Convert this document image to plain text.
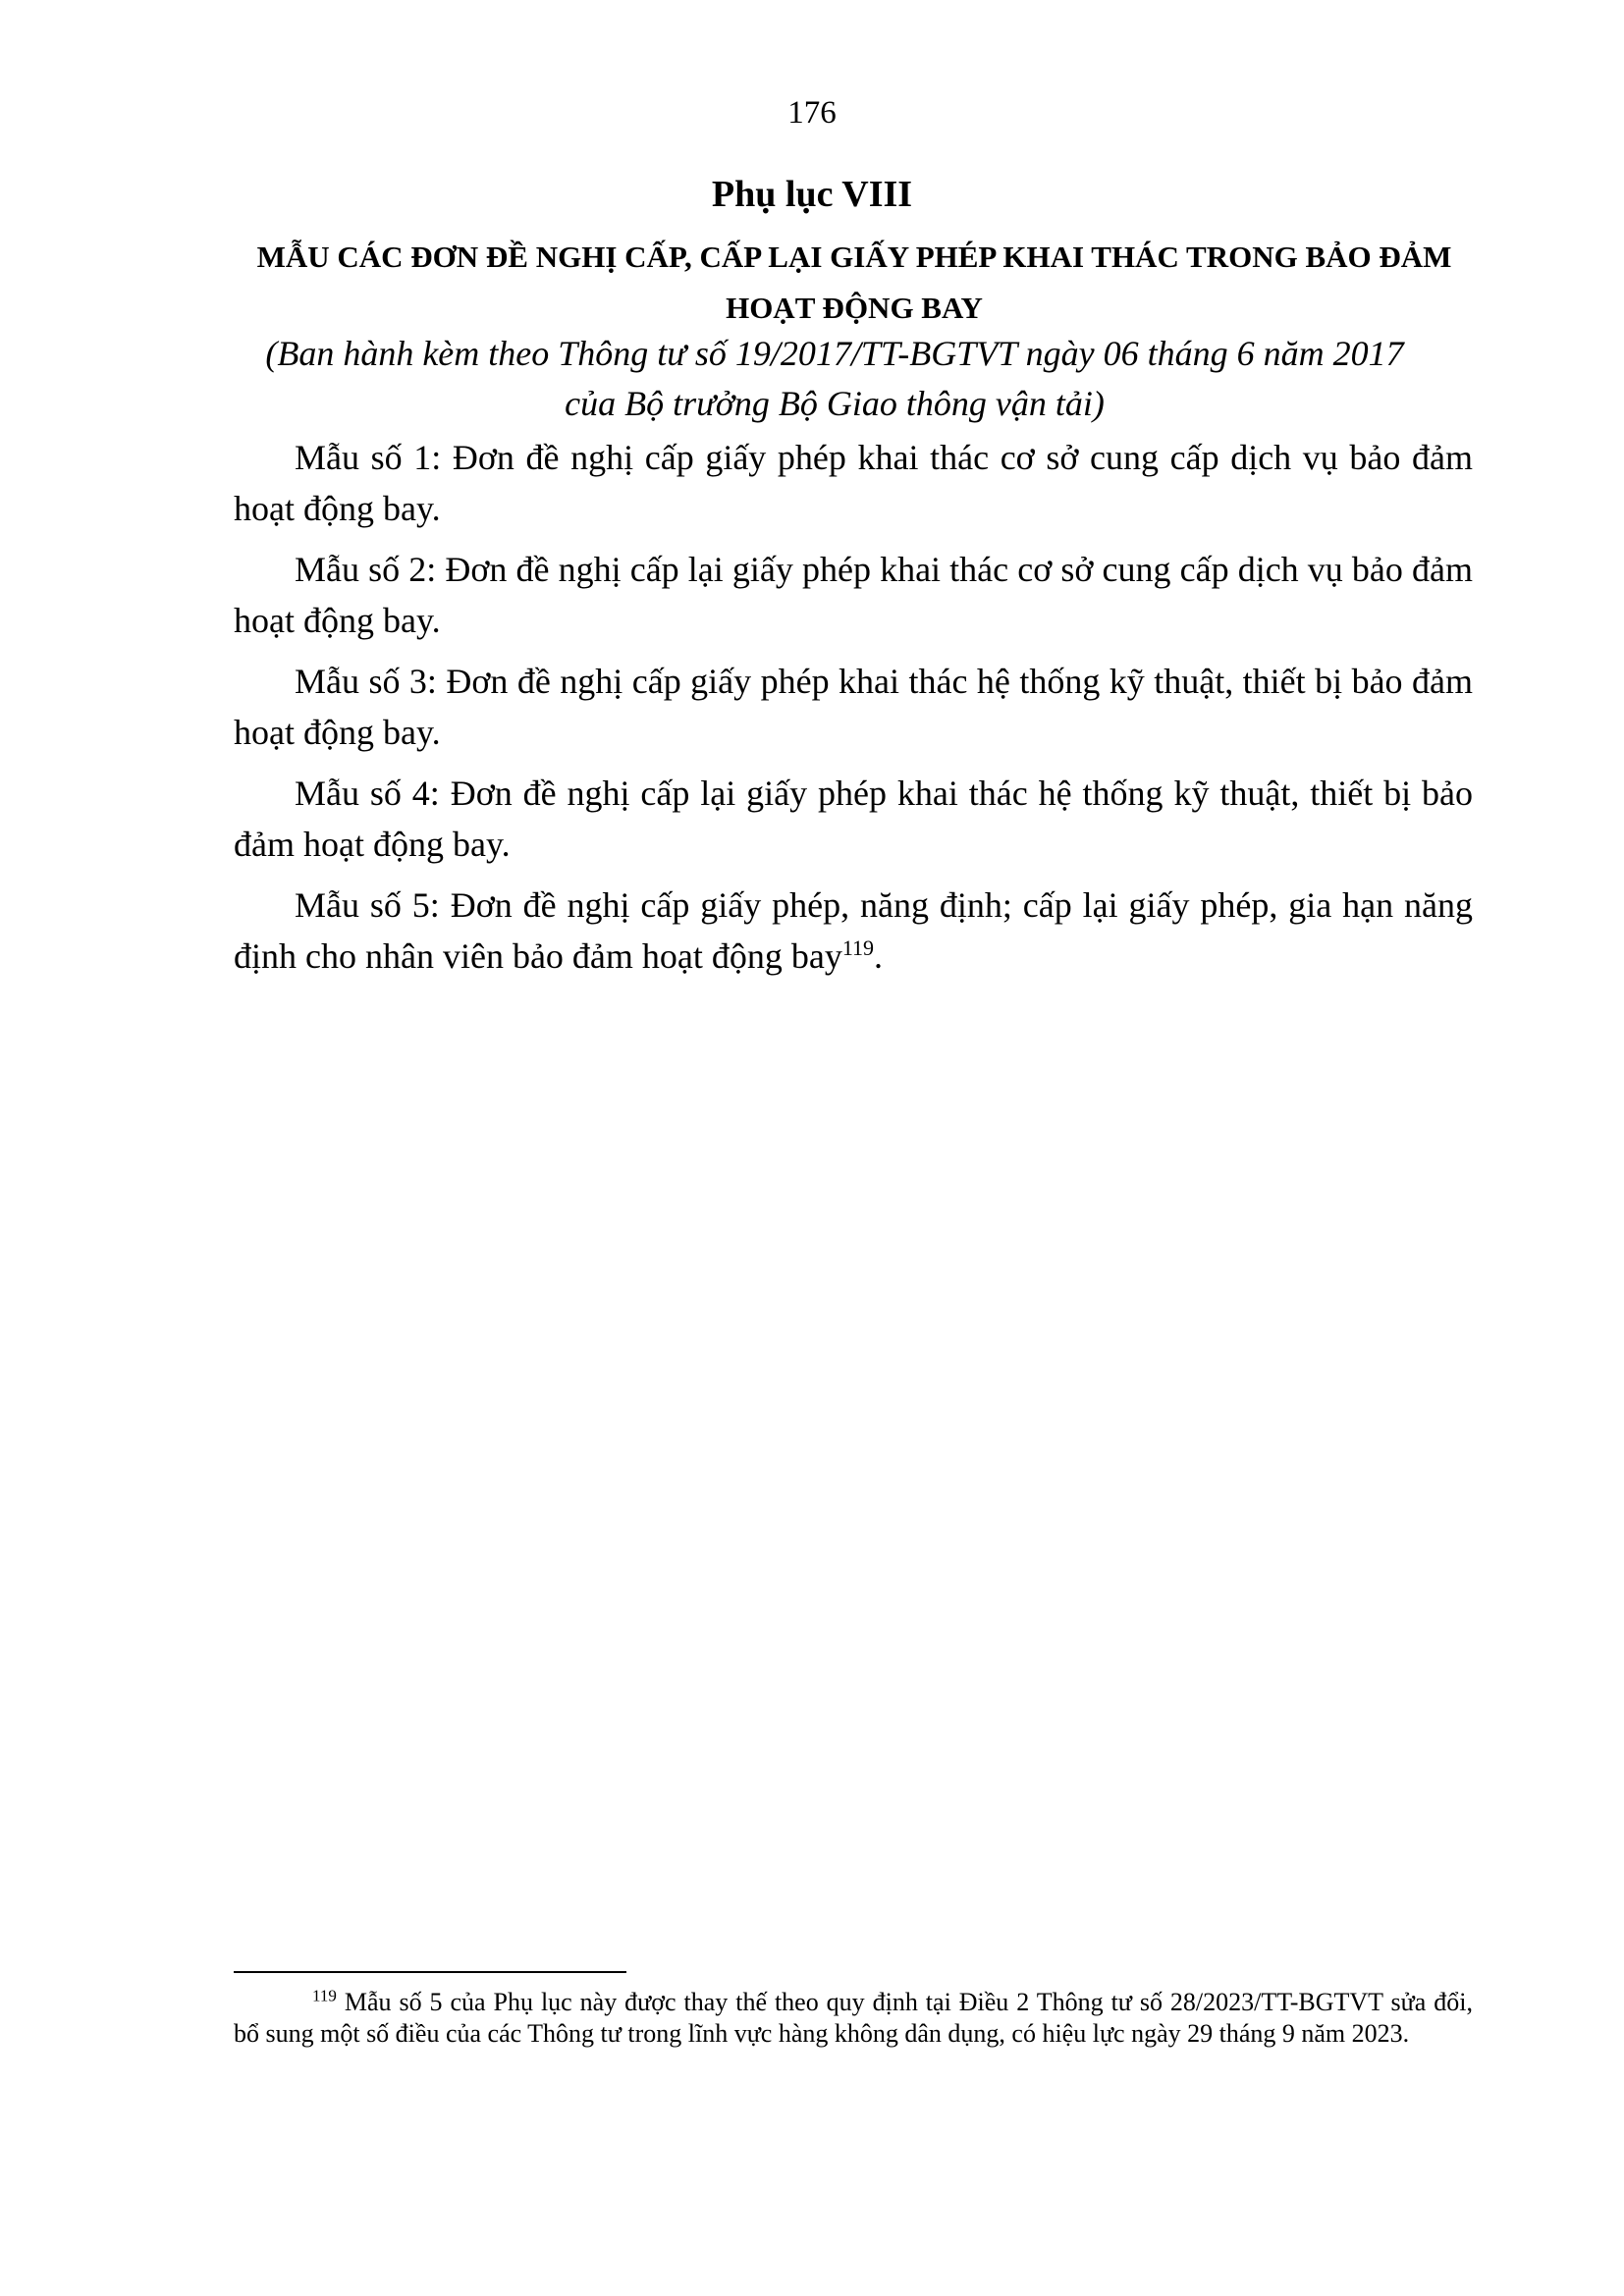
176
Phụ lục VIII
MẪU CÁC ĐƠN ĐỀ NGHỊ CẤP, CẤP LẠI GIẤY PHÉP KHAI THÁC TRONG BẢO ĐẢM HOẠT ĐỘNG BAY
(Ban hành kèm theo Thông tư số 19/2017/TT-BGTVT ngày 06 tháng 6 năm 2017
của Bộ trưởng Bộ Giao thông vận tải)
Mẫu số 1: Đơn đề nghị cấp giấy phép khai thác cơ sở cung cấp dịch vụ bảo đảm hoạt động bay.
Mẫu số 2: Đơn đề nghị cấp lại giấy phép khai thác cơ sở cung cấp dịch vụ bảo đảm hoạt động bay.
Mẫu số 3: Đơn đề nghị cấp giấy phép khai thác hệ thống kỹ thuật, thiết bị bảo đảm hoạt động bay.
Mẫu số 4: Đơn đề nghị cấp lại giấy phép khai thác hệ thống kỹ thuật, thiết bị bảo đảm hoạt động bay.
Mẫu số 5: Đơn đề nghị cấp giấy phép, năng định; cấp lại giấy phép, gia hạn năng định cho nhân viên bảo đảm hoạt động bay$^{119}$.

$^{119}$ Mẫu số 5 của Phụ lục này được thay thế theo quy định tại Điều 2 Thông tư số 28/2023/TT-BGTVT sửa đổi, bổ sung một số điều của các Thông tư trong lĩnh vực hàng không dân dụng, có hiệu lực ngày 29 tháng 9 năm 2023.
